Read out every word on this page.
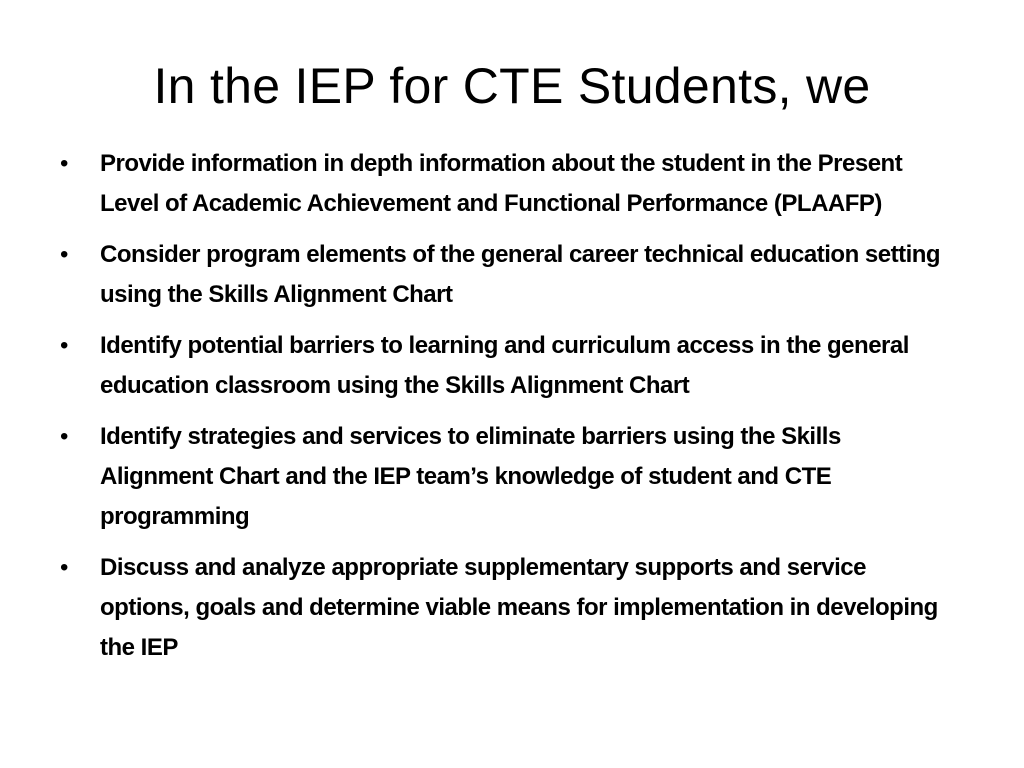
In the IEP for CTE Students, we
• Provide information in depth information about the student in the Present Level of Academic Achievement and Functional Performance (PLAAFP)
• Consider program elements of the general career technical education setting using the Skills Alignment Chart
• Identify potential barriers to learning and curriculum access in the general education classroom using the Skills Alignment Chart
• Identify strategies and services to eliminate barriers using the Skills Alignment Chart and the IEP team’s knowledge of student and CTE programming
• Discuss and analyze appropriate supplementary supports and service options, goals and determine viable means for implementation in developing the IEP
